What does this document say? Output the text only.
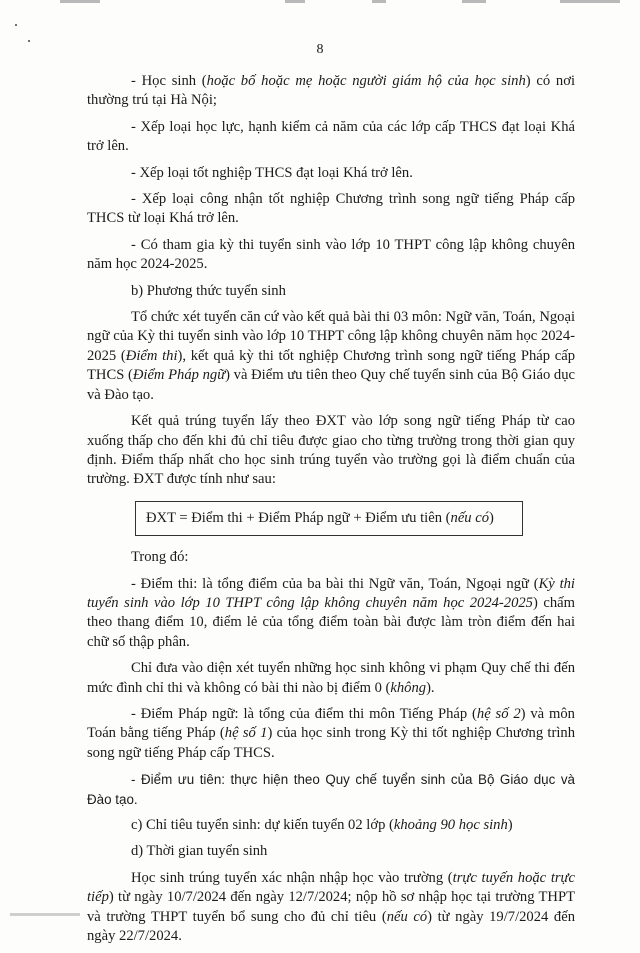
8

- Học sinh (hoặc bố hoặc mẹ hoặc người giám hộ của học sinh) có nơi thường trú tại Hà Nội;

- Xếp loại học lực, hạnh kiểm cả năm của các lớp cấp THCS đạt loại Khá trở lên.

- Xếp loại tốt nghiệp THCS đạt loại Khá trở lên.

- Xếp loại công nhận tốt nghiệp Chương trình song ngữ tiếng Pháp cấp THCS từ loại Khá trở lên.

- Có tham gia kỳ thi tuyển sinh vào lớp 10 THPT công lập không chuyên năm học 2024-2025.

b) Phương thức tuyển sinh

Tổ chức xét tuyển căn cứ vào kết quả bài thi 03 môn: Ngữ văn, Toán, Ngoại ngữ của Kỳ thi tuyển sinh vào lớp 10 THPT công lập không chuyên năm học 2024-2025 (Điểm thi), kết quả kỳ thi tốt nghiệp Chương trình song ngữ tiếng Pháp cấp THCS (Điểm Pháp ngữ) và Điểm ưu tiên theo Quy chế tuyển sinh của Bộ Giáo dục và Đào tạo.

Kết quả trúng tuyển lấy theo ĐXT vào lớp song ngữ tiếng Pháp từ cao xuống thấp cho đến khi đủ chỉ tiêu được giao cho từng trường trong thời gian quy định. Điểm thấp nhất cho học sinh trúng tuyển vào trường gọi là điểm chuẩn của trường. ĐXT được tính như sau:

ĐXT = Điểm thi + Điểm Pháp ngữ + Điểm ưu tiên (nếu có)

Trong đó:

- Điểm thi: là tổng điểm của ba bài thi Ngữ văn, Toán, Ngoại ngữ (Kỳ thi tuyển sinh vào lớp 10 THPT công lập không chuyên năm học 2024-2025) chấm theo thang điểm 10, điểm lẻ của tổng điểm toàn bài được làm tròn điểm đến hai chữ số thập phân.

Chỉ đưa vào diện xét tuyển những học sinh không vi phạm Quy chế thi đến mức đình chỉ thi và không có bài thi nào bị điểm 0 (không).

- Điểm Pháp ngữ: là tổng của điểm thi môn Tiếng Pháp (hệ số 2) và môn Toán bằng tiếng Pháp (hệ số 1) của học sinh trong Kỳ thi tốt nghiệp Chương trình song ngữ tiếng Pháp cấp THCS.

- Điểm ưu tiên: thực hiện theo Quy chế tuyển sinh của Bộ Giáo dục và Đào tạo.

c) Chỉ tiêu tuyển sinh: dự kiến tuyển 02 lớp (khoảng 90 học sinh)

d) Thời gian tuyển sinh

Học sinh trúng tuyển xác nhận nhập học vào trường (trực tuyến hoặc trực tiếp) từ ngày 10/7/2024 đến ngày 12/7/2024; nộp hồ sơ nhập học tại trường THPT và trường THPT tuyển bổ sung cho đủ chỉ tiêu (nếu có) từ ngày 19/7/2024 đến ngày 22/7/2024.
